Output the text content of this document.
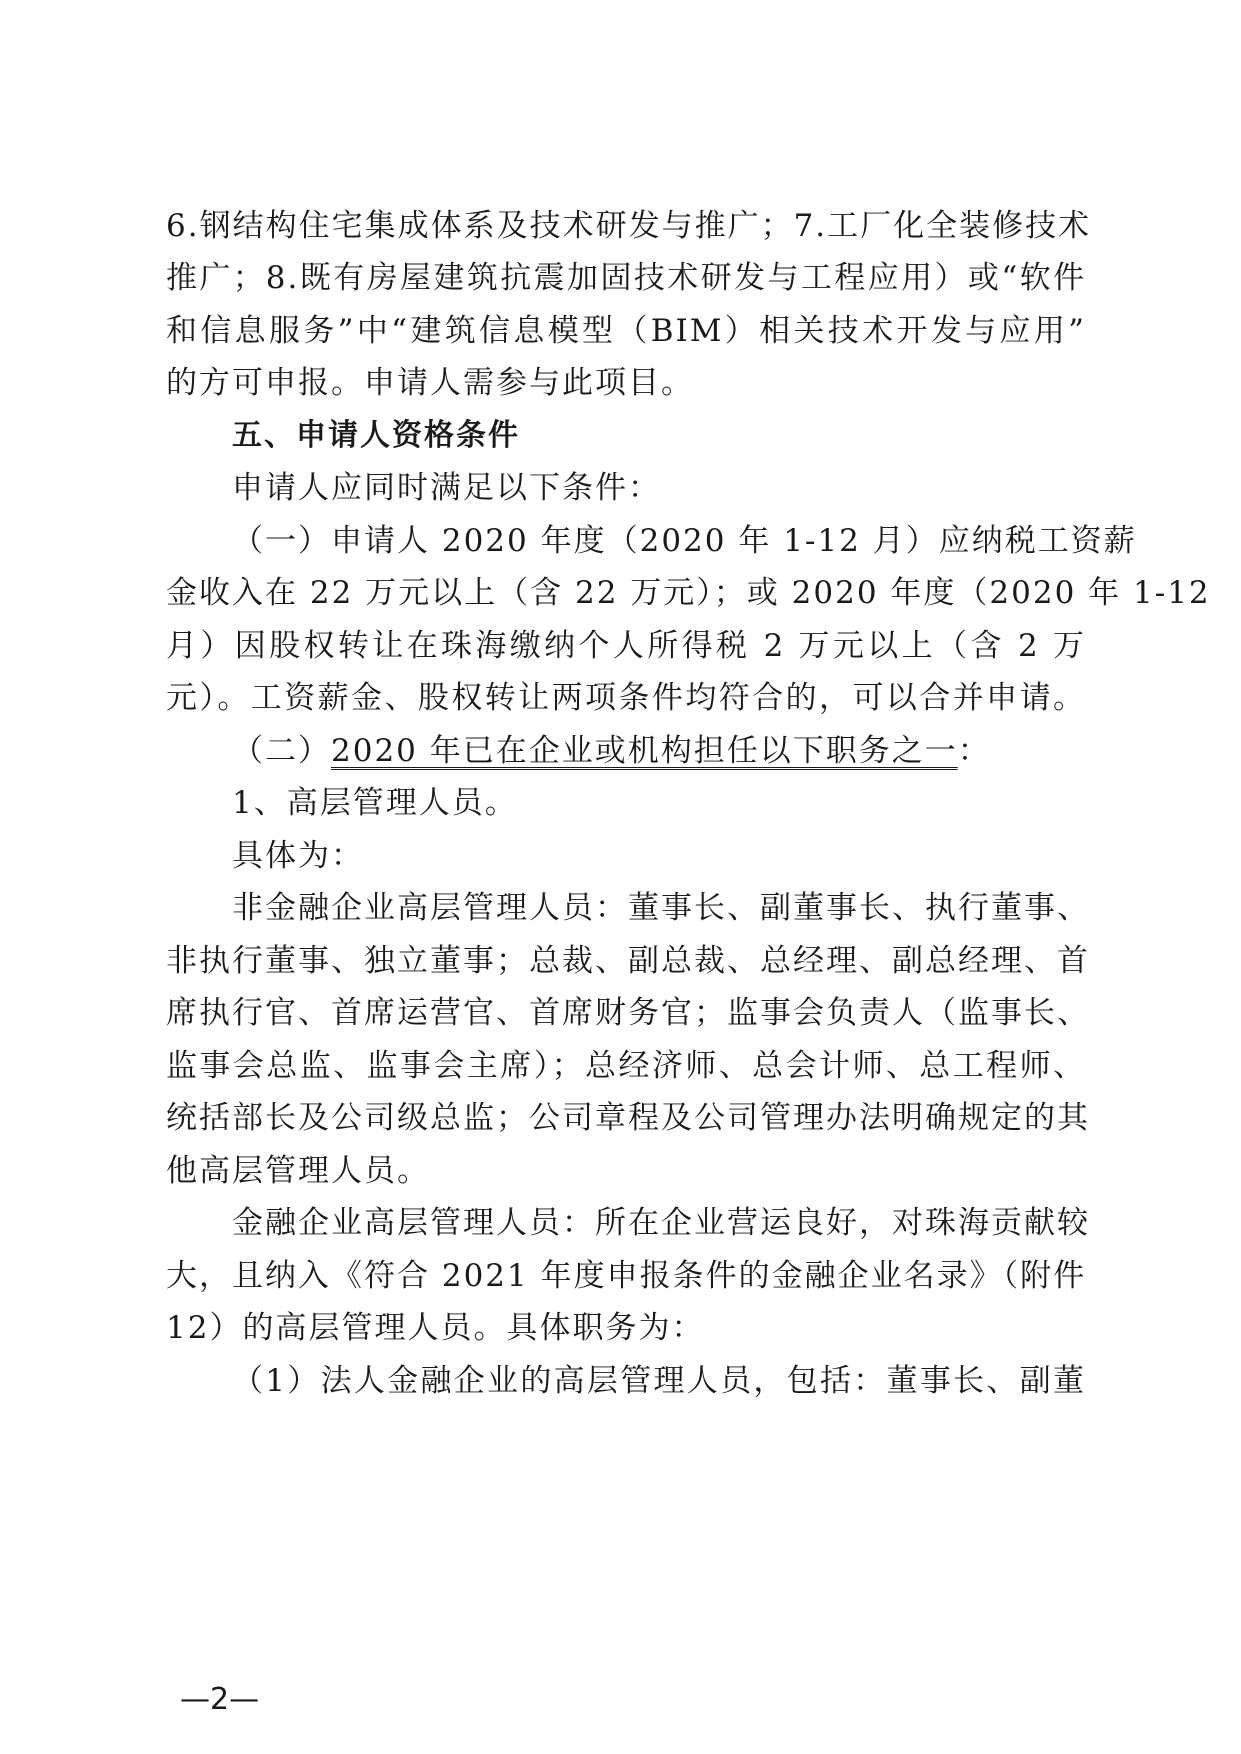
6.钢结构住宅集成体系及技术研发与推广；7.工厂化全装修技术
推广；8.既有房屋建筑抗震加固技术研发与工程应用）或“软件
和信息服务”中“建筑信息模型（BIM）相关技术开发与应用”
的方可申报。申请人需参与此项目。
五、申请人资格条件
申请人应同时满足以下条件：
（一）申请人 2020 年度（2020 年 1-12 月）应纳税工资薪
金收入在 22 万元以上（含 22 万元）；或 2020 年度（2020 年 1-12
月）因股权转让在珠海缴纳个人所得税 2 万元以上（含 2 万
元）。工资薪金、股权转让两项条件均符合的，可以合并申请。
（二）2020 年已在企业或机构担任以下职务之一：
1、高层管理人员。
具体为：
非金融企业高层管理人员：董事长、副董事长、执行董事、
非执行董事、独立董事；总裁、副总裁、总经理、副总经理、首
席执行官、首席运营官、首席财务官；监事会负责人（监事长、
监事会总监、监事会主席）；总经济师、总会计师、总工程师、
统括部长及公司级总监；公司章程及公司管理办法明确规定的其
他高层管理人员。
金融企业高层管理人员：所在企业营运良好，对珠海贡献较
大，且纳入《符合 2021 年度申报条件的金融企业名录》（附件
12）的高层管理人员。具体职务为：
（1）法人金融企业的高层管理人员，包括：董事长、副董
—2—
